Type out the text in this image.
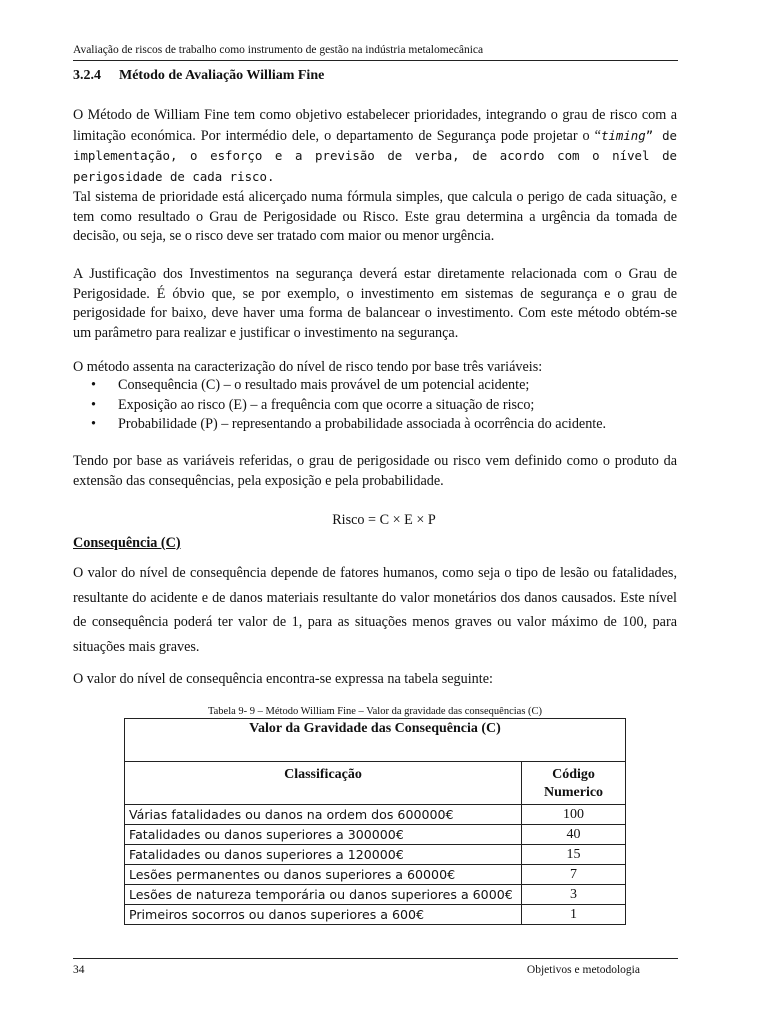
Avaliação de riscos de trabalho como instrumento de gestão na indústria metalomecânica
3.2.4 Método de Avaliação William Fine
O Método de William Fine tem como objetivo estabelecer prioridades, integrando o grau de risco com a limitação económica. Por intermédio dele, o departamento de Segurança pode projetar o “timing” de implementação, o esforço e a previsão de verba, de acordo com o nível de perigosidade de cada risco.
Tal sistema de prioridade está alicerçado numa fórmula simples, que calcula o perigo de cada situação, e tem como resultado o Grau de Perigosidade ou Risco. Este grau determina a urgência da tomada de decisão, ou seja, se o risco deve ser tratado com maior ou menor urgência.
A Justificação dos Investimentos na segurança deverá estar diretamente relacionada com o Grau de Perigosidade. É óbvio que, se por exemplo, o investimento em sistemas de segurança e o grau de perigosidade for baixo, deve haver uma forma de balancear o investimento. Com este método obtém-se um parâmetro para realizar e justificar o investimento na segurança.
O método assenta na caracterização do nível de risco tendo por base três variáveis:
• Consequência (C) – o resultado mais provável de um potencial acidente;
• Exposição ao risco (E) – a frequência com que ocorre a situação de risco;
• Probabilidade (P) – representando a probabilidade associada à ocorrência do acidente.
Tendo por base as variáveis referidas, o grau de perigosidade ou risco vem definido como o produto da extensão das consequências, pela exposição e pela probabilidade.
Risco = C × E × P
Consequência (C)
O valor do nível de consequência depende de fatores humanos, como seja o tipo de lesão ou fatalidades, resultante do acidente e de danos materiais resultante do valor monetários dos danos causados. Este nível de consequência poderá ter valor de 1, para as situações menos graves ou valor máximo de 100, para situações mais graves.
O valor do nível de consequência encontra-se expressa na tabela seguinte:
Tabela 9- 9 – Método William Fine – Valor da gravidade das consequências (C)
Valor da Gravidade das Consequência (C)	
Classificação	Código Numerico
Várias fatalidades ou danos na ordem dos 600000€	100
Fatalidades ou danos superiores a 300000€	40
Fatalidades ou danos superiores a 120000€	15
Lesões permanentes ou danos superiores a 60000€	7
Lesões de natureza temporária ou danos superiores a 6000€	3
Primeiros socorros ou danos superiores a 600€	1
34	Objetivos e metodologia
